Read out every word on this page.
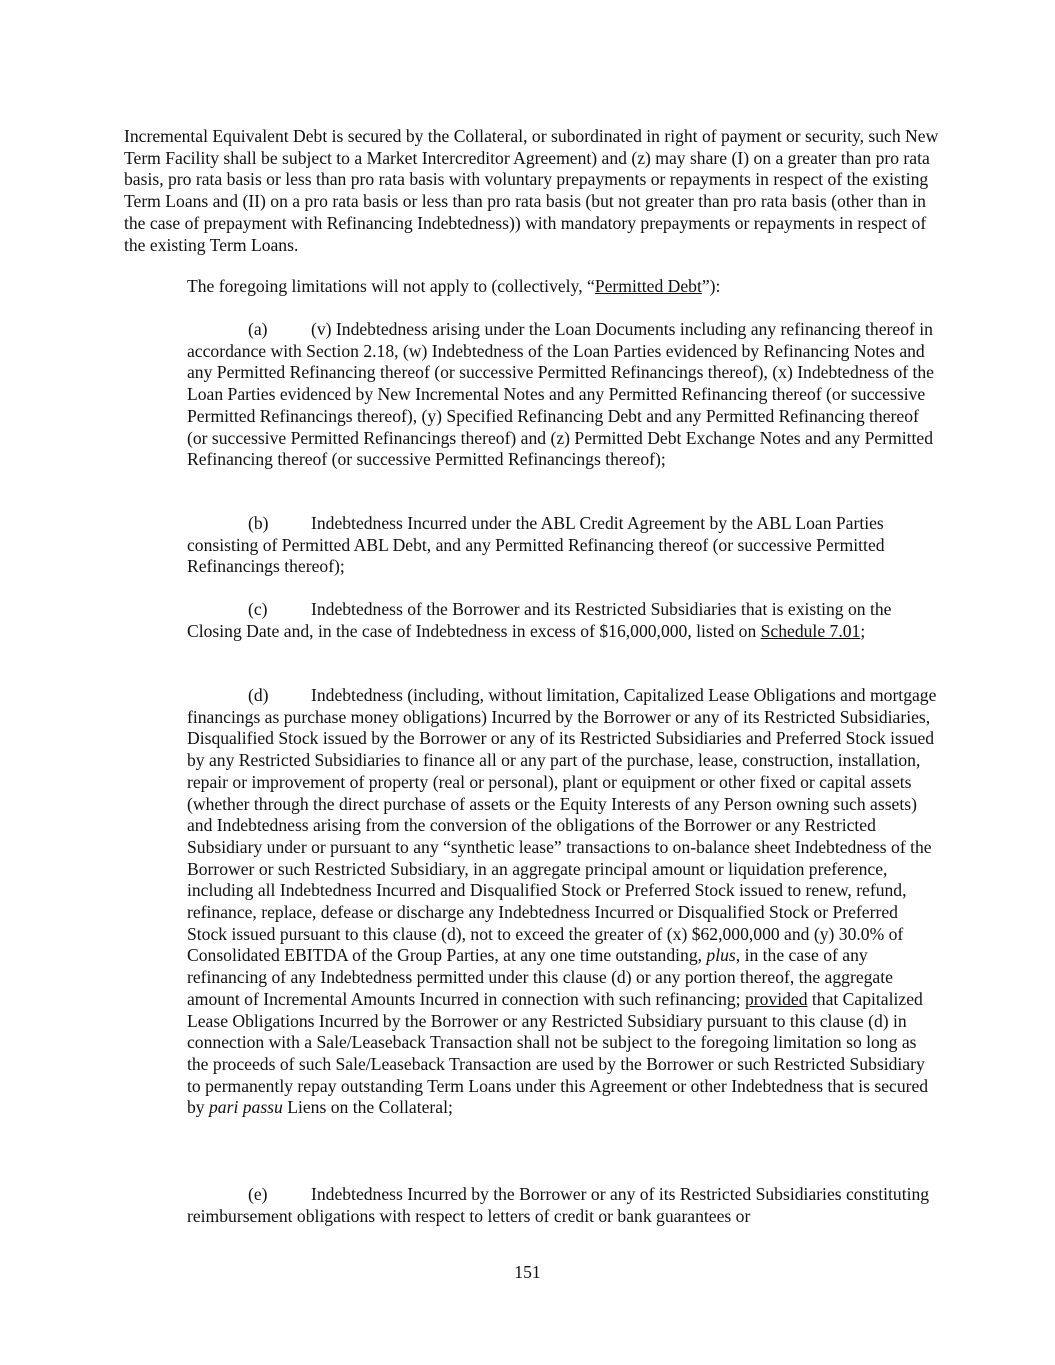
Incremental Equivalent Debt is secured by the Collateral, or subordinated in right of payment or security, such New Term Facility shall be subject to a Market Intercreditor Agreement) and (z) may share (I) on a greater than pro rata basis, pro rata basis or less than pro rata basis with voluntary prepayments or repayments in respect of the existing Term Loans and (II) on a pro rata basis or less than pro rata basis (but not greater than pro rata basis (other than in the case of prepayment with Refinancing Indebtedness)) with mandatory prepayments or repayments in respect of the existing Term Loans.

The foregoing limitations will not apply to (collectively, “Permitted Debt”):

(a) (v) Indebtedness arising under the Loan Documents including any refinancing thereof in accordance with Section 2.18, (w) Indebtedness of the Loan Parties evidenced by Refinancing Notes and any Permitted Refinancing thereof (or successive Permitted Refinancings thereof), (x) Indebtedness of the Loan Parties evidenced by New Incremental Notes and any Permitted Refinancing thereof (or successive Permitted Refinancings thereof), (y) Specified Refinancing Debt and any Permitted Refinancing thereof (or successive Permitted Refinancings thereof) and (z) Permitted Debt Exchange Notes and any Permitted Refinancing thereof (or successive Permitted Refinancings thereof);

(b) Indebtedness Incurred under the ABL Credit Agreement by the ABL Loan Parties consisting of Permitted ABL Debt, and any Permitted Refinancing thereof (or successive Permitted Refinancings thereof);

(c) Indebtedness of the Borrower and its Restricted Subsidiaries that is existing on the Closing Date and, in the case of Indebtedness in excess of $16,000,000, listed on Schedule 7.01;

(d) Indebtedness (including, without limitation, Capitalized Lease Obligations and mortgage financings as purchase money obligations) Incurred by the Borrower or any of its Restricted Subsidiaries, Disqualified Stock issued by the Borrower or any of its Restricted Subsidiaries and Preferred Stock issued by any Restricted Subsidiaries to finance all or any part of the purchase, lease, construction, installation, repair or improvement of property (real or personal), plant or equipment or other fixed or capital assets (whether through the direct purchase of assets or the Equity Interests of any Person owning such assets) and Indebtedness arising from the conversion of the obligations of the Borrower or any Restricted Subsidiary under or pursuant to any “synthetic lease” transactions to on-balance sheet Indebtedness of the Borrower or such Restricted Subsidiary, in an aggregate principal amount or liquidation preference, including all Indebtedness Incurred and Disqualified Stock or Preferred Stock issued to renew, refund, refinance, replace, defease or discharge any Indebtedness Incurred or Disqualified Stock or Preferred Stock issued pursuant to this clause (d), not to exceed the greater of (x) $62,000,000 and (y) 30.0% of Consolidated EBITDA of the Group Parties, at any one time outstanding, plus, in the case of any refinancing of any Indebtedness permitted under this clause (d) or any portion thereof, the aggregate amount of Incremental Amounts Incurred in connection with such refinancing; provided that Capitalized Lease Obligations Incurred by the Borrower or any Restricted Subsidiary pursuant to this clause (d) in connection with a Sale/Leaseback Transaction shall not be subject to the foregoing limitation so long as the proceeds of such Sale/Leaseback Transaction are used by the Borrower or such Restricted Subsidiary to permanently repay outstanding Term Loans under this Agreement or other Indebtedness that is secured by pari passu Liens on the Collateral;

(e) Indebtedness Incurred by the Borrower or any of its Restricted Subsidiaries constituting reimbursement obligations with respect to letters of credit or bank guarantees or

151
